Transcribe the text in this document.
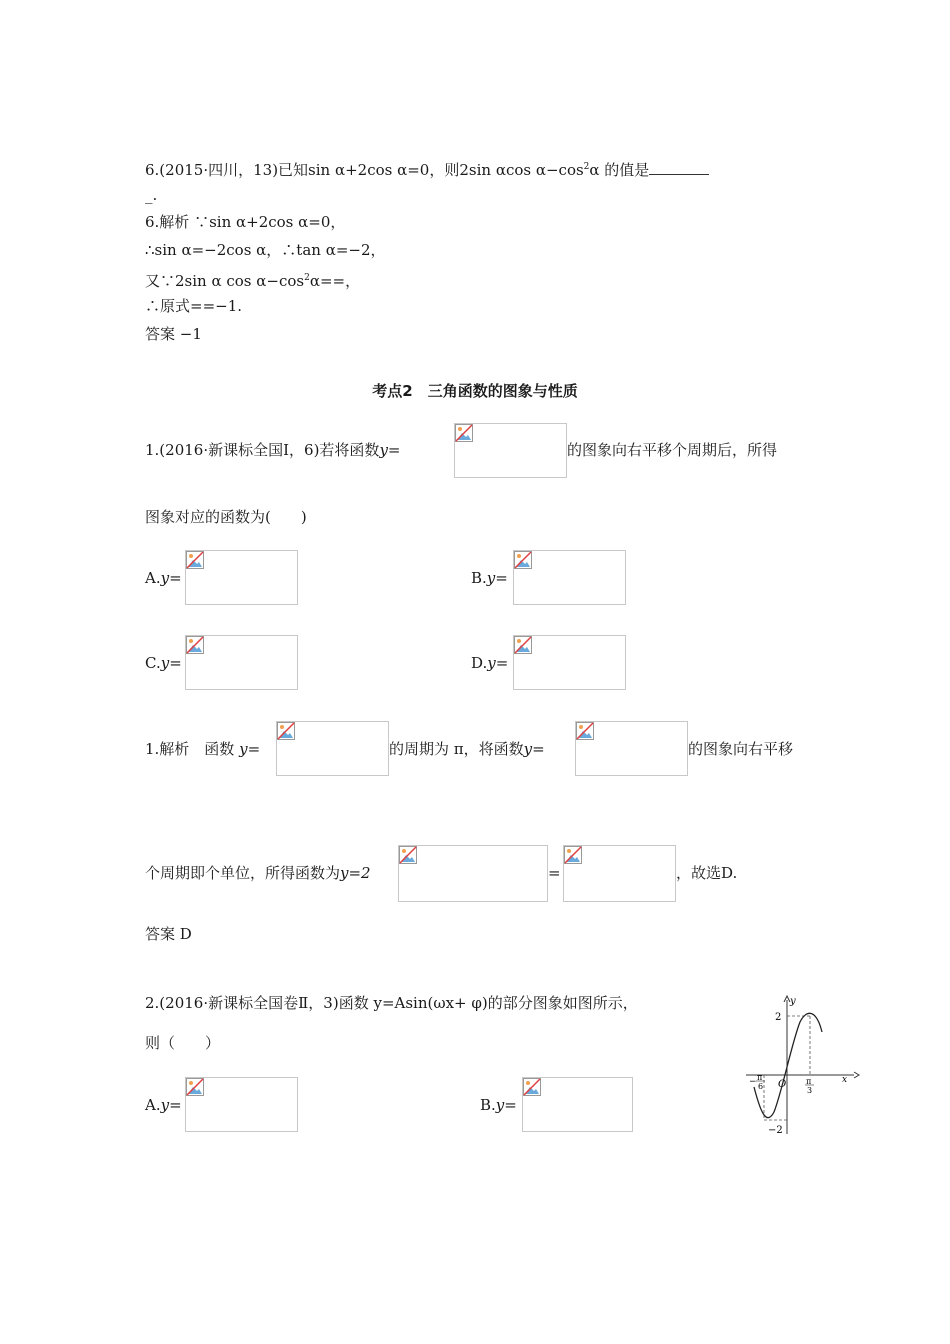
6.(2015·四川，13)已知sin α+2cos α=0，则2sin αcos $\alpha-\cos^2\alpha$ 的值是
_.
6.解析 ∵sin α+2cos α=0，
∴sin α=−2cos α，∴tan α=−2，
又∵2sin α $\cos \alpha-\cos^2\alpha==$，
∴原式==−1.
答案 −1
考点2　三角函数的图象与性质
1.(2016·新课标全国Ⅰ，6)若将函数y=	的图象向右平移个周期后，所得
图象对应的函数为(　　)
A.y=	B.y=
C.y=	D.y=
1.解析　函数 y=	的周期为 π，将函数y=	的图象向右平移
个周期即个单位，所得函数为y=2	=	，故选D.
答案 D
2.(2016·新课标全国卷Ⅱ，3)函数 y=Asin(ωx+ φ)的部分图象如图所示，
则（　　）
A.y=	B.y=
y
x
O
2
−2
− π
6
π
3
